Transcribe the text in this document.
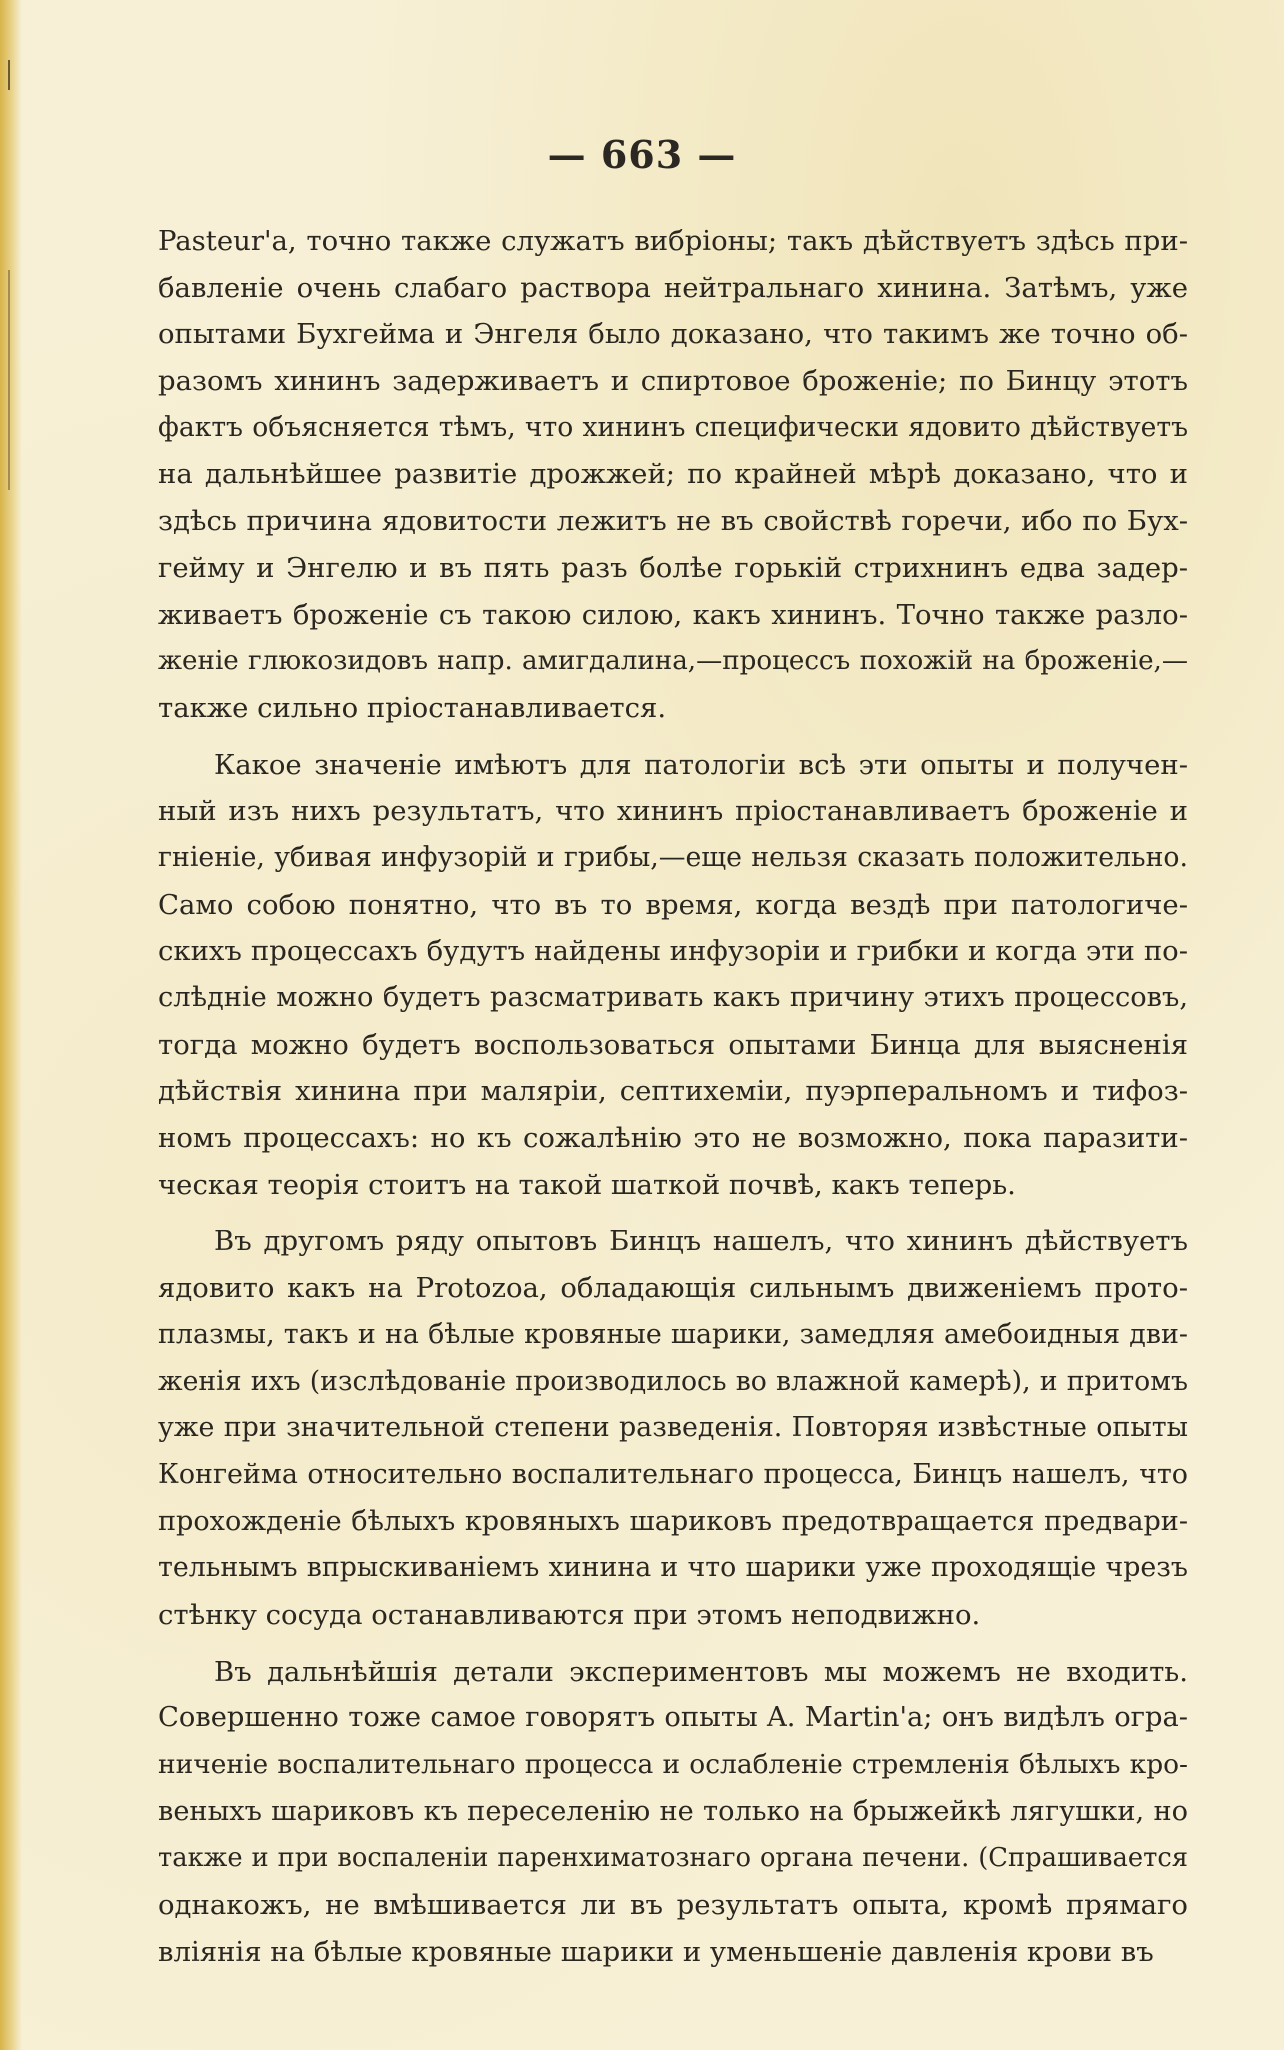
— 663 —
Pasteur'a, точно также служатъ вибріоны; такъ дѣйствуетъ здѣсь при-
бавленіе очень слабаго раствора нейтральнаго хинина. Затѣмъ, уже
опытами Бухгейма и Энгеля было доказано, что такимъ же точно об-
разомъ хининъ задерживаетъ и спиртовое броженіе; по Бинцу этотъ
фактъ объясняется тѣмъ, что хининъ специфически ядовито дѣйствуетъ
на дальнѣйшее развитіе дрожжей; по крайней мѣрѣ доказано, что и
здѣсь причина ядовитости лежитъ не въ свойствѣ горечи, ибо по Бух-
гейму и Энгелю и въ пять разъ болѣе горькій стрихнинъ едва задер-
живаетъ броженіе съ такою силою, какъ хининъ. Точно также разло-
женіе глюкозидовъ напр. амигдалина,—процессъ похожій на броженіе,—
также сильно пріостанавливается.
Какое значеніе имѣютъ для патологіи всѣ эти опыты и получен-
ный изъ нихъ результатъ, что хининъ пріостанавливаетъ броженіе и
гніеніе, убивая инфузорій и грибы,—еще нельзя сказать положительно.
Само собою понятно, что въ то время, когда вездѣ при патологиче-
скихъ процессахъ будутъ найдены инфузоріи и грибки и когда эти по-
слѣдніе можно будетъ разсматривать какъ причину этихъ процессовъ,
тогда можно будетъ воспользоваться опытами Бинца для выясненія
дѣйствія хинина при маляріи, септихеміи, пуэрперальномъ и тифоз-
номъ процессахъ: но къ сожалѣнію это не возможно, пока паразити-
ческая теорія стоитъ на такой шаткой почвѣ, какъ теперь.
Въ другомъ ряду опытовъ Бинцъ нашелъ, что хининъ дѣйствуетъ
ядовито какъ на Protozoa, обладающія сильнымъ движеніемъ прото-
плазмы, такъ и на бѣлые кровяные шарики, замедляя амебоидныя дви-
женія ихъ (изслѣдованіе производилось во влажной камерѣ), и притомъ
уже при значительной степени разведенія. Повторяя извѣстные опыты
Конгейма относительно воспалительнаго процесса, Бинцъ нашелъ, что
прохожденіе бѣлыхъ кровяныхъ шариковъ предотвращается предвари-
тельнымъ впрыскиваніемъ хинина и что шарики уже проходящіе чрезъ
стѣнку сосуда останавливаются при этомъ неподвижно.
Въ дальнѣйшія детали экспериментовъ мы можемъ не входить.
Совершенно тоже самое говорятъ опыты A. Martin'a; онъ видѣлъ огра-
ниченіе воспалительнаго процесса и ослабленіе стремленія бѣлыхъ кро-
веныхъ шариковъ къ переселенію не только на брыжейкѣ лягушки, но
также и при воспаленіи паренхиматознаго органа печени. (Спрашивается
однакожъ, не вмѣшивается ли въ результатъ опыта, кромѣ прямаго
вліянія на бѣлые кровяные шарики и уменьшеніе давленія крови въ
